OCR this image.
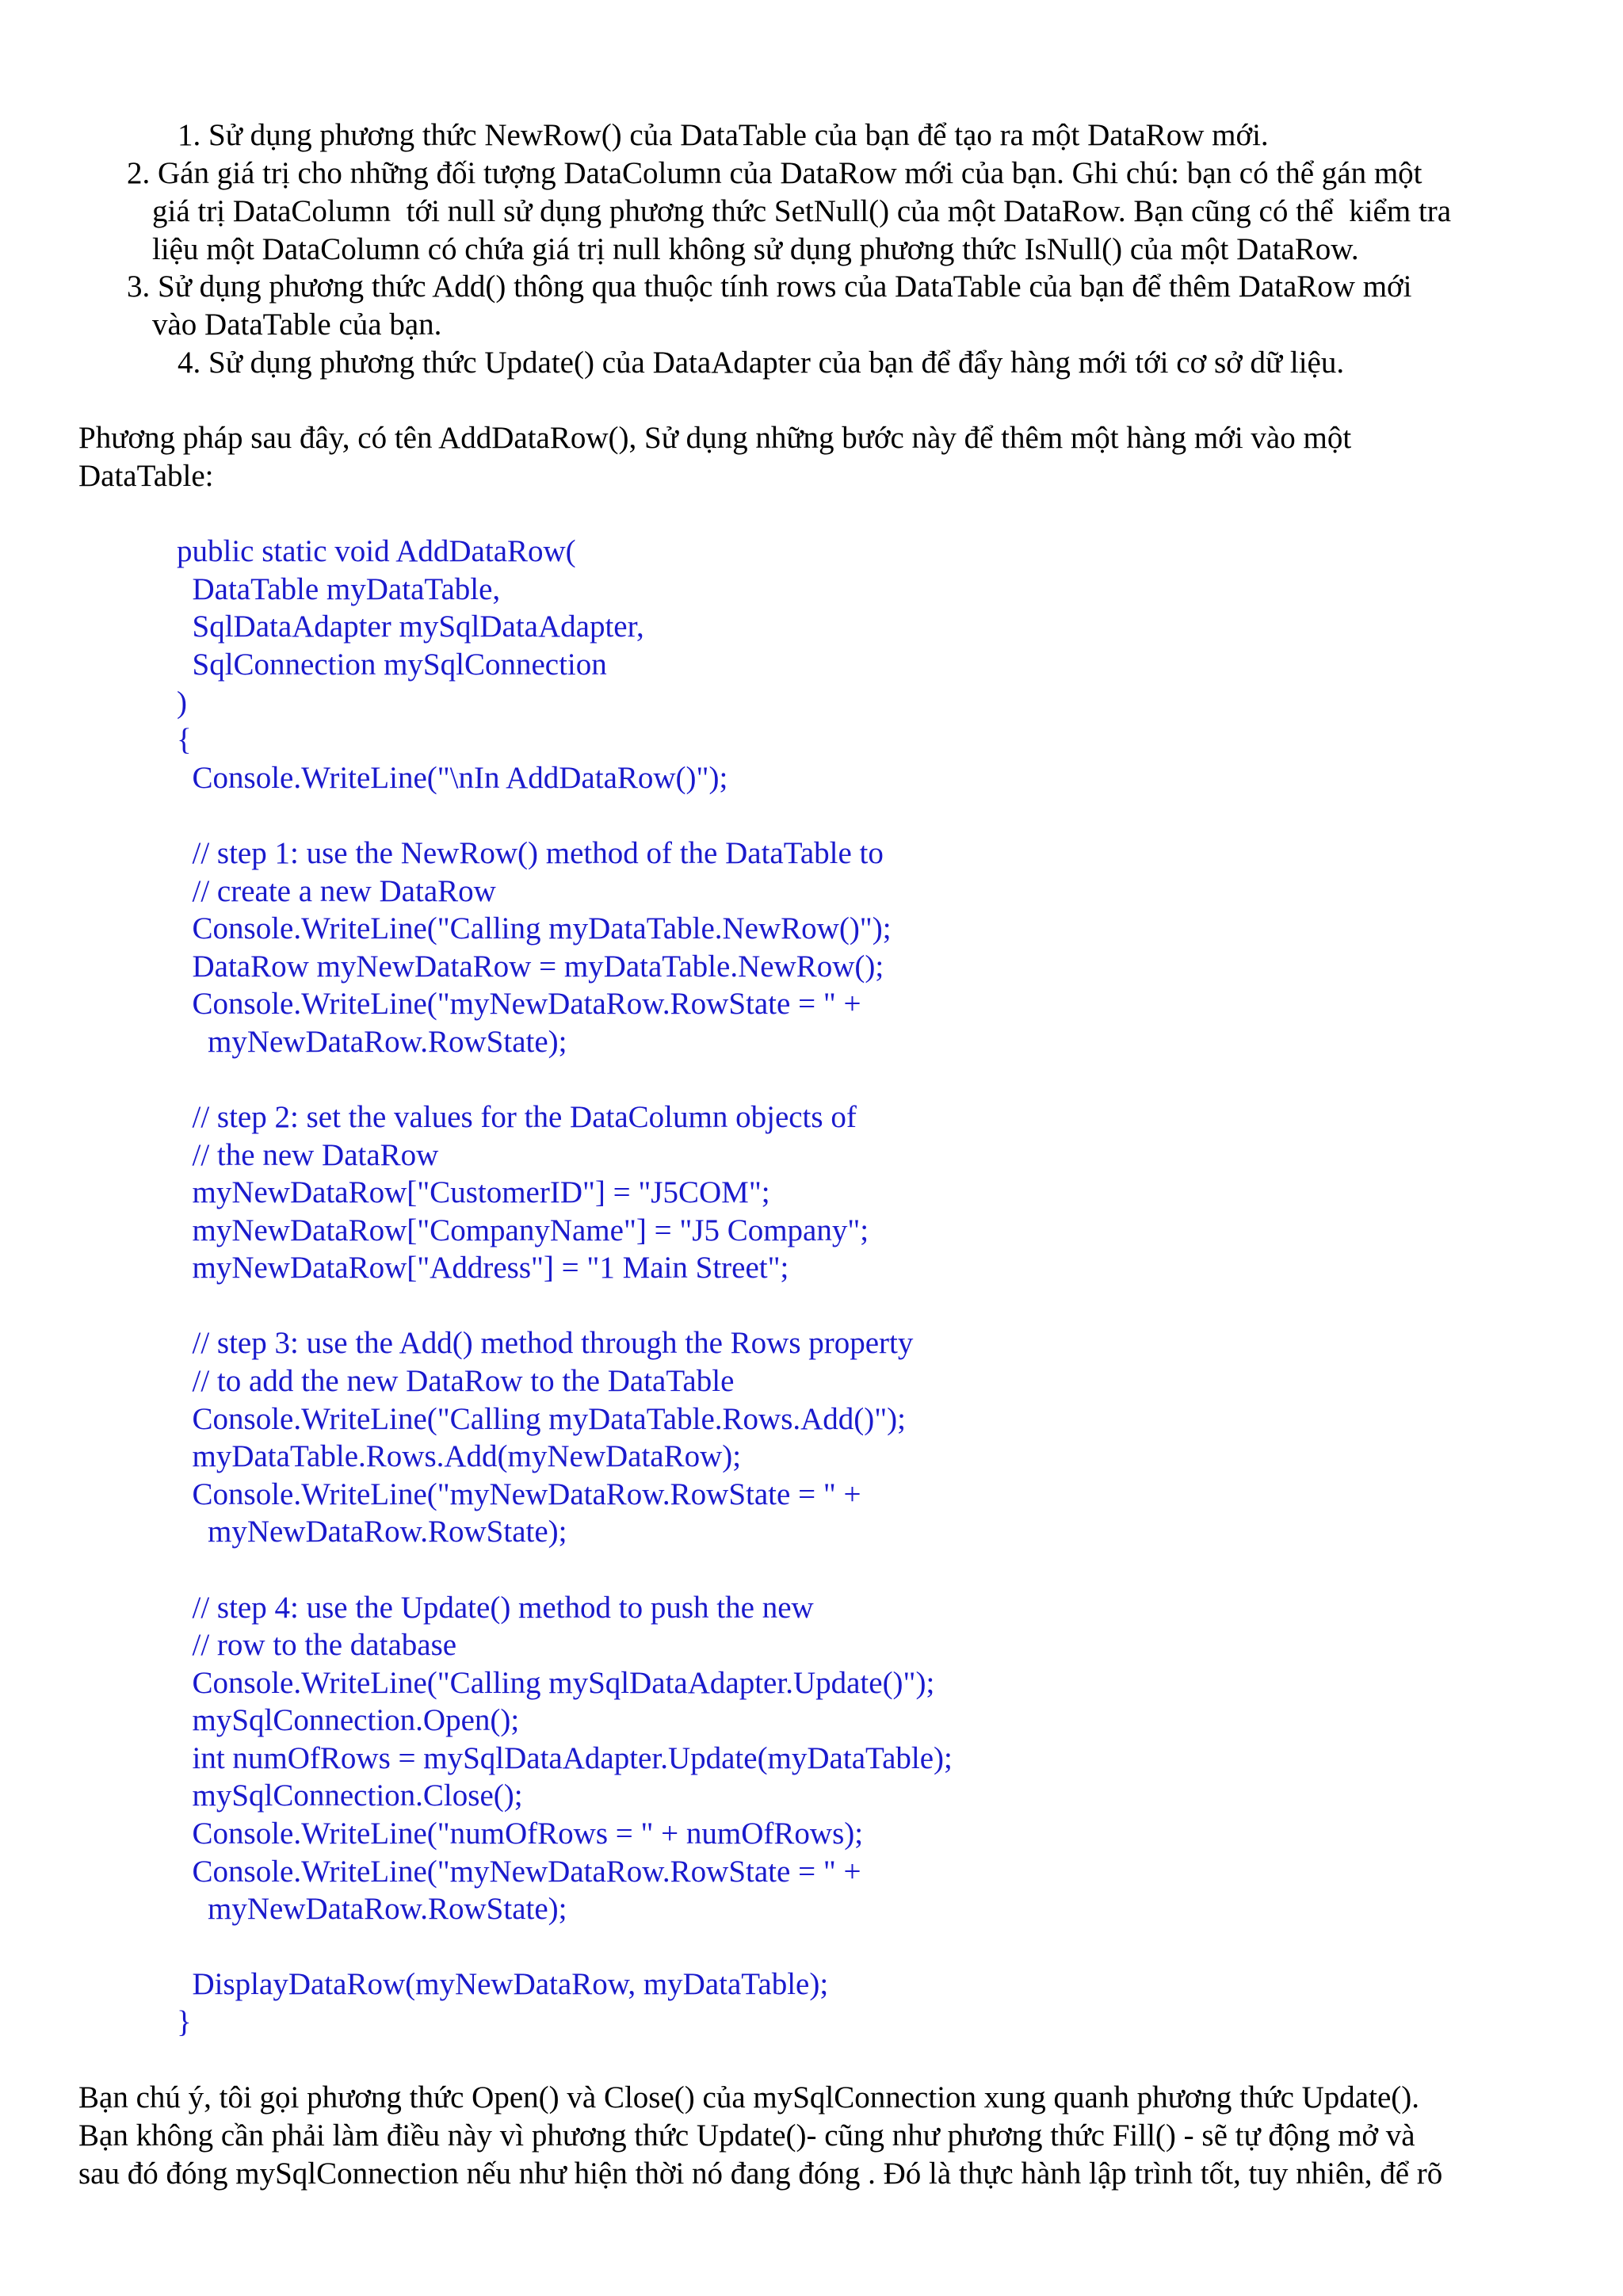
1. Sử dụng phương thức NewRow() của DataTable của bạn để tạo ra một DataRow mới.

2. Gán giá trị cho những đối tượng DataColumn của DataRow mới của bạn. Ghi chú: bạn có thể gán một

giá trị DataColumn  tới null sử dụng phương thức SetNull() của một DataRow. Bạn cũng có thể  kiểm tra

liệu một DataColumn có chứa giá trị null không sử dụng phương thức IsNull() của một DataRow.

3. Sử dụng phương thức Add() thông qua thuộc tính rows của DataTable của bạn để thêm DataRow mới

vào DataTable của bạn.

4. Sử dụng phương thức Update() của DataAdapter của bạn để đẩy hàng mới tới cơ sở dữ liệu.

Phương pháp sau đây, có tên AddDataRow(), Sử dụng những bước này để thêm một hàng mới vào một

DataTable:

public static void AddDataRow(

DataTable myDataTable,

SqlDataAdapter mySqlDataAdapter,

SqlConnection mySqlConnection

)

{

Console.WriteLine("\nIn AddDataRow()");

// step 1: use the NewRow() method of the DataTable to

// create a new DataRow

Console.WriteLine("Calling myDataTable.NewRow()");

DataRow myNewDataRow = myDataTable.NewRow();

Console.WriteLine("myNewDataRow.RowState = " +

myNewDataRow.RowState);

// step 2: set the values for the DataColumn objects of

// the new DataRow

myNewDataRow["CustomerID"] = "J5COM";

myNewDataRow["CompanyName"] = "J5 Company";

myNewDataRow["Address"] = "1 Main Street";

// step 3: use the Add() method through the Rows property

// to add the new DataRow to the DataTable

Console.WriteLine("Calling myDataTable.Rows.Add()");

myDataTable.Rows.Add(myNewDataRow);

Console.WriteLine("myNewDataRow.RowState = " +

myNewDataRow.RowState);

// step 4: use the Update() method to push the new

// row to the database

Console.WriteLine("Calling mySqlDataAdapter.Update()");

mySqlConnection.Open();

int numOfRows = mySqlDataAdapter.Update(myDataTable);

mySqlConnection.Close();

Console.WriteLine("numOfRows = " + numOfRows);

Console.WriteLine("myNewDataRow.RowState = " +

myNewDataRow.RowState);

DisplayDataRow(myNewDataRow, myDataTable);

}

Bạn chú ý, tôi gọi phương thức Open() và Close() của mySqlConnection xung quanh phương thức Update().

Bạn không cần phải làm điều này vì phương thức Update()- cũng như phương thức Fill() - sẽ tự động mở và

sau đó đóng mySqlConnection nếu như hiện thời nó đang đóng . Đó là thực hành lập trình tốt, tuy nhiên, để rõ
